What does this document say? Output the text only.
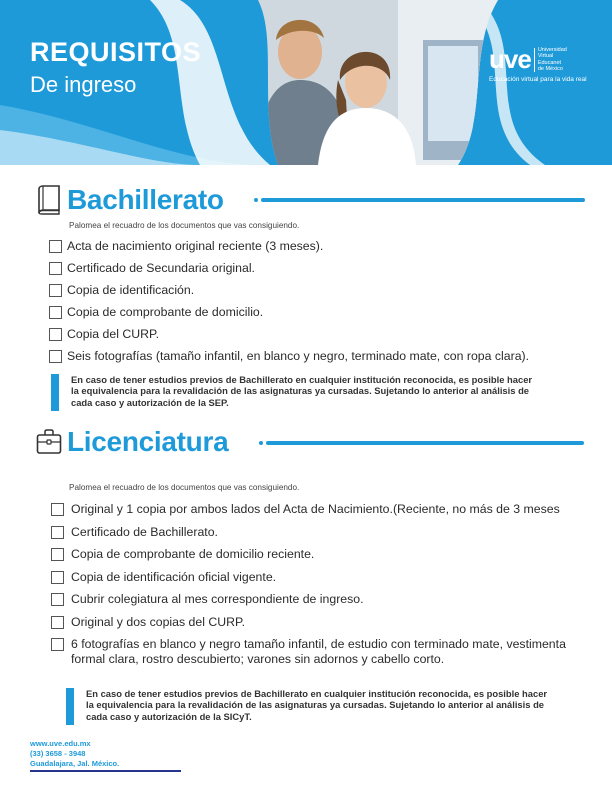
REQUISITOS
De ingreso
uve Universidad
Virtual
Educanet
de México
Educación virtual para la vida real
Bachillerato
Palomea el recuadro de los documentos que vas consiguiendo.
Acta de nacimiento original reciente (3 meses).
Certificado de Secundaria original.
Copia de identificación.
Copia de comprobante de domicilio.
Copia del CURP.
Seis fotografías (tamaño infantil, en blanco y negro, terminado mate, con ropa clara).
En caso de tener estudios previos de Bachillerato en cualquier institución reconocida, es posible hacer la equivalencia para la revalidación de las asignaturas ya cursadas. Sujetando lo anterior al análisis de cada caso y autorización de la SEP.
Licenciatura
Palomea el recuadro de los documentos que vas consiguiendo.
Original y 1 copia por ambos lados del Acta de Nacimiento.(Reciente, no más de 3 meses
Certificado de Bachillerato.
Copia de comprobante de domicilio reciente.
Copia de identificación oficial vigente.
Cubrir colegiatura al mes correspondiente de ingreso.
Original y dos copias del CURP.
6 fotografías en blanco y negro tamaño infantil, de estudio con terminado mate, vestimenta formal clara, rostro descubierto; varones sin adornos y cabello corto.
En caso de tener estudios previos de Bachillerato en cualquier institución reconocida, es posible hacer la equivalencia para la revalidación de las asignaturas ya cursadas. Sujetando lo anterior al análisis de cada caso y autorización de la SICyT.
www.uve.edu.mx
(33) 3658 - 3948
Guadalajara, Jal. México.
